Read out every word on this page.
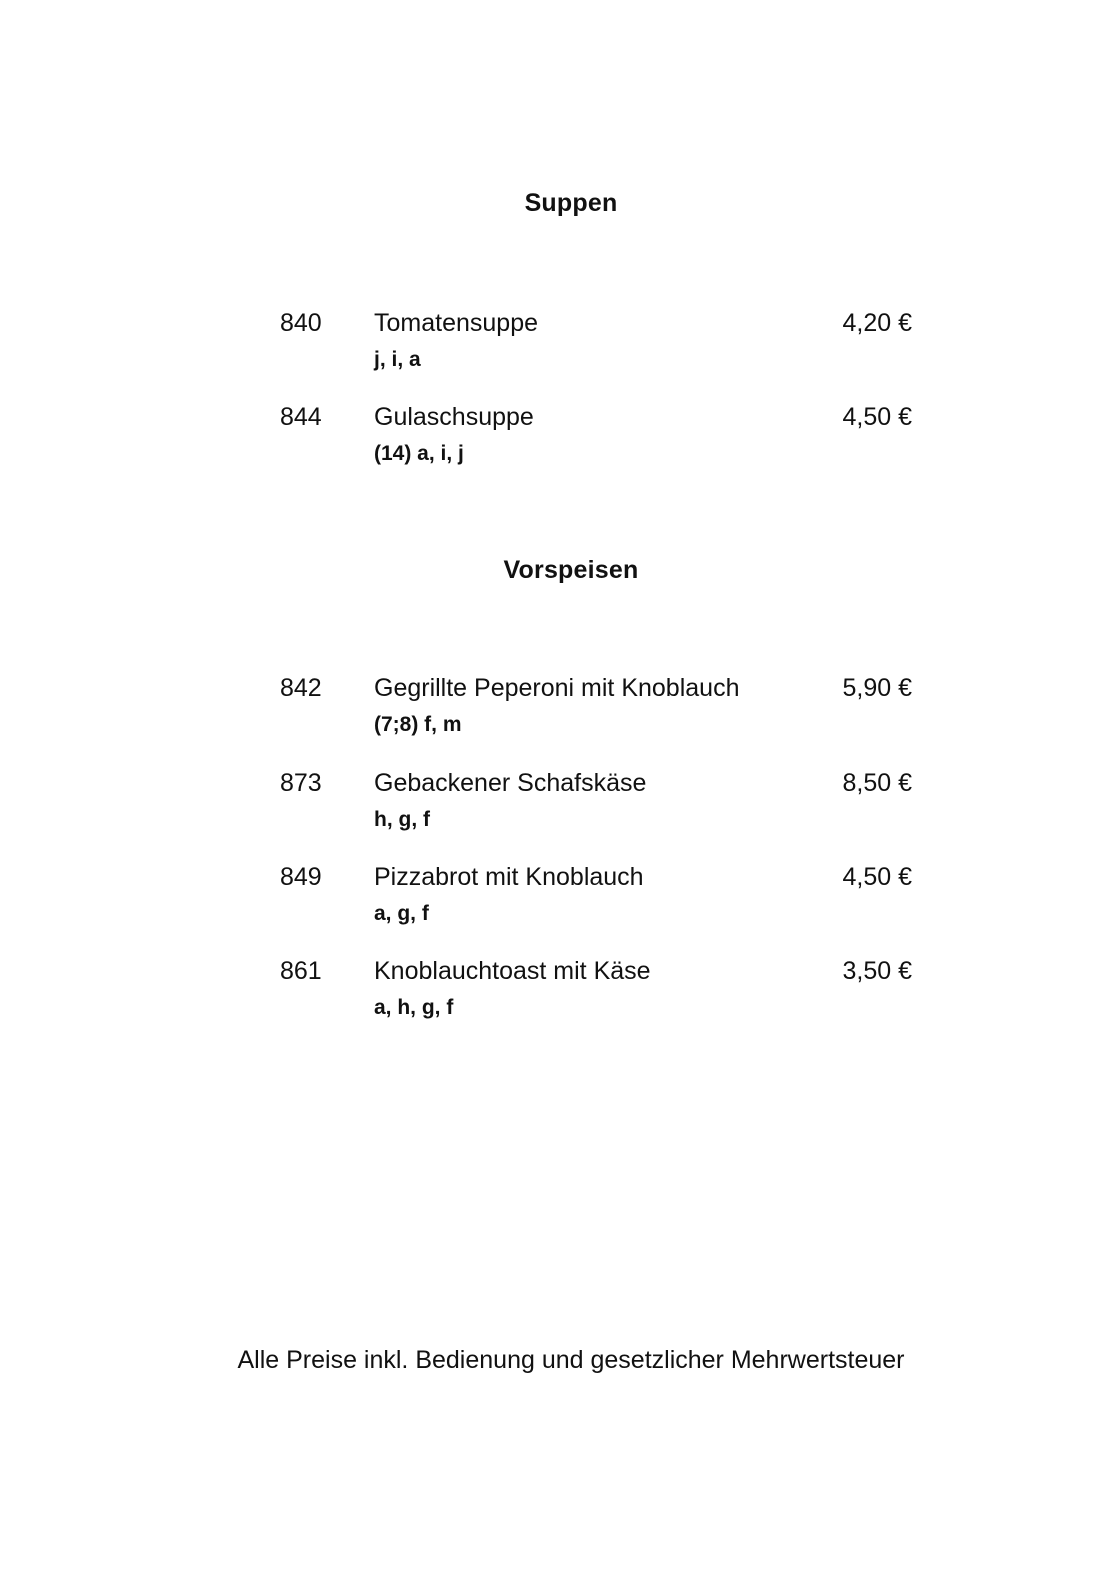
Suppen
840 Tomatensuppe
j, i, a
4,20 €
844 Gulaschsuppe
(14) a, i, j
4,50 €
Vorspeisen
842 Gegrillte Peperoni mit Knoblauch
(7;8) f, m
5,90 €
873 Gebackener Schafskäse
h, g, f
8,50 €
849 Pizzabrot mit Knoblauch
a, g, f
4,50 €
861 Knoblauchtoast mit Käse
a, h, g, f
3,50 €
Alle Preise inkl. Bedienung und gesetzlicher Mehrwertsteuer
